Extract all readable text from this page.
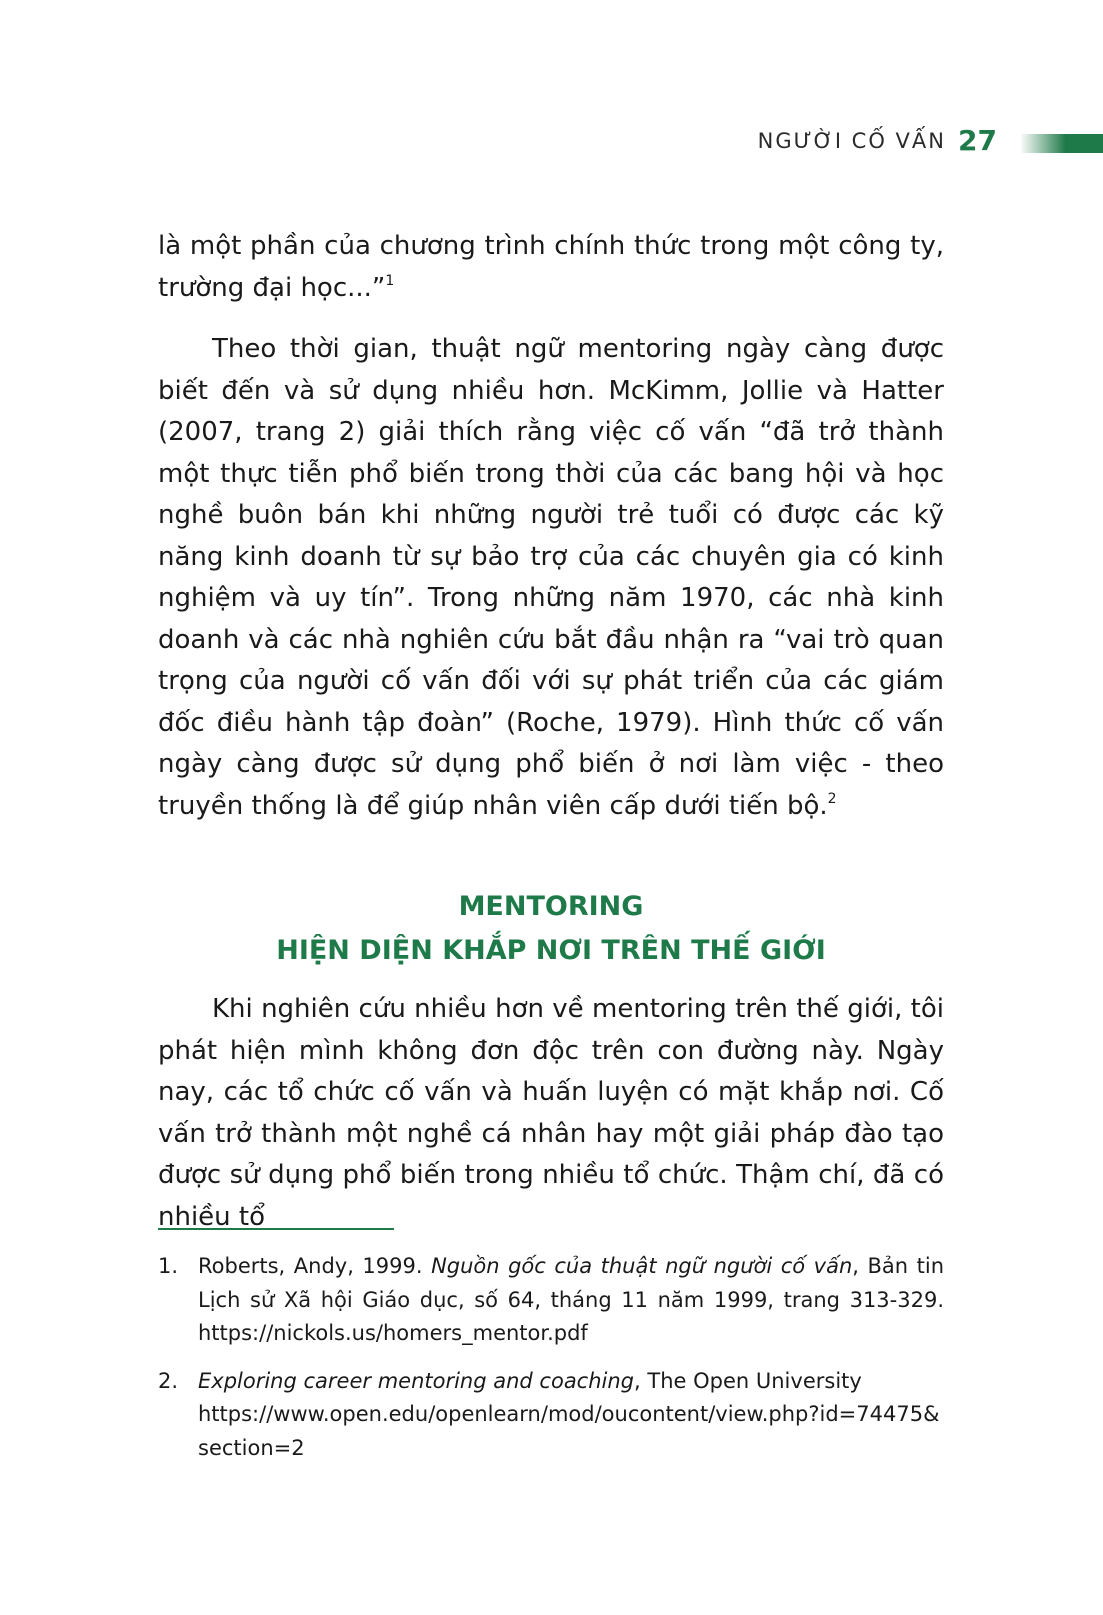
NGƯỜI CỐ VẤN 27

là một phần của chương trình chính thức trong một công ty, trường đại học...”$^1$

Theo thời gian, thuật ngữ mentoring ngày càng được biết đến và sử dụng nhiều hơn. McKimm, Jollie và Hatter (2007, trang 2) giải thích rằng việc cố vấn “đã trở thành một thực tiễn phổ biến trong thời của các bang hội và học nghề buôn bán khi những người trẻ tuổi có được các kỹ năng kinh doanh từ sự bảo trợ của các chuyên gia có kinh nghiệm và uy tín”. Trong những năm 1970, các nhà kinh doanh và các nhà nghiên cứu bắt đầu nhận ra “vai trò quan trọng của người cố vấn đối với sự phát triển của các giám đốc điều hành tập đoàn” (Roche, 1979). Hình thức cố vấn ngày càng được sử dụng phổ biến ở nơi làm việc - theo truyền thống là để giúp nhân viên cấp dưới tiến bộ.$^2$

MENTORING

HIỆN DIỆN KHẮP NƠI TRÊN THẾ GIỚI

Khi nghiên cứu nhiều hơn về mentoring trên thế giới, tôi phát hiện mình không đơn độc trên con đường này. Ngày nay, các tổ chức cố vấn và huấn luyện có mặt khắp nơi. Cố vấn trở thành một nghề cá nhân hay một giải pháp đào tạo được sử dụng phổ biến trong nhiều tổ chức. Thậm chí, đã có nhiều tổ

1. Roberts, Andy, 1999. Nguồn gốc của thuật ngữ người cố vấn, Bản tin Lịch sử Xã hội Giáo dục, số 64, tháng 11 năm 1999, trang 313-329. https://nickols.us/homers_mentor.pdf
2. Exploring career mentoring and coaching, The Open University
https://www.open.edu/openlearn/mod/oucontent/view.php?id=74475&section=2
